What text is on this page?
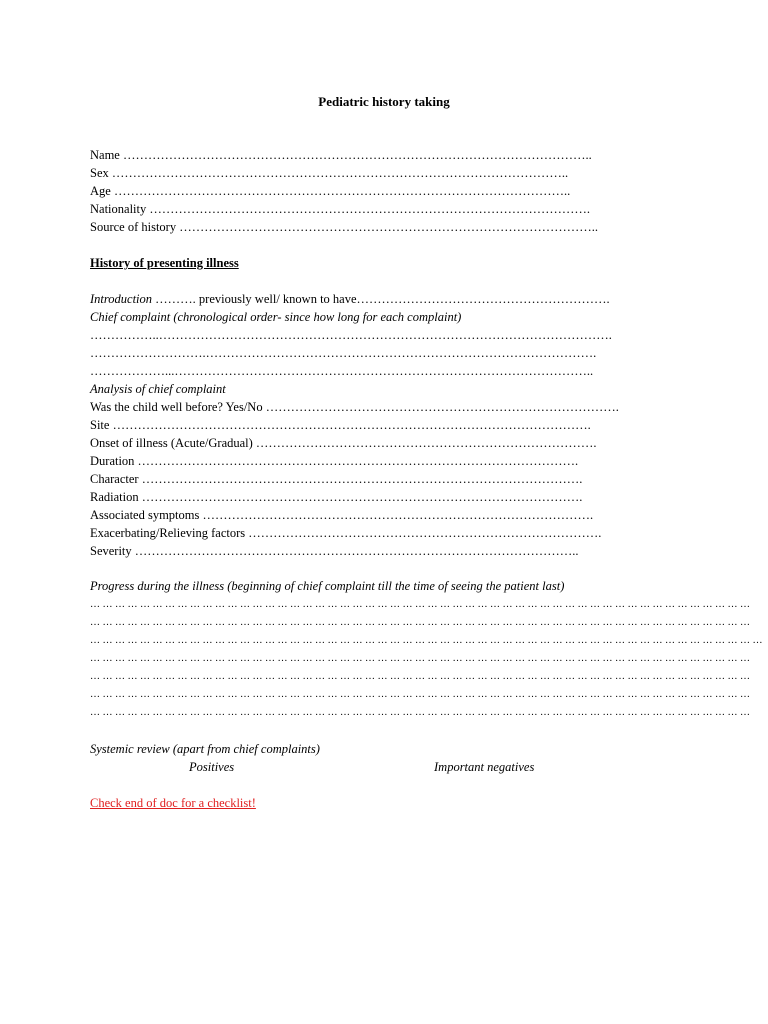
Pediatric history taking
Name …………………………………………………………………………………………………..
Sex ………………………………………………………………………………………………..
Age ………………………………………………………………………………………………..
Nationality …………………………………………………………………………………………….
Source of history ………………………………………………………………………………………..
History of presenting illness
Introduction ………. previously well/ known to have…………………………………………………….
Chief complaint (chronological order- since how long for each complaint)
……………..……………………………………………………………………………………………….
……………………….………………………………………………………………………………….
………………...………………………………………………………………………………………..
Analysis of chief complaint
Was the child well before? Yes/No ………………………………………………………………………….
Site …………………………………………………………………………………………………….
Onset of illness (Acute/Gradual) ……………………………………………………………………….
Duration …………………………………………………………………………………………….
Character …………………………………………………………………………………………….
Radiation …………………………………………………………………………………………….
Associated symptoms ………………………………………………………………………………….
Exacerbating/Relieving factors ………………………………………………………………………….
Severity ……………………………………………………………………………………………..
Progress during the illness (beginning of chief complaint till the time of seeing the patient last)
… … … … … … … … … … … … … … … … … … … … … … … … … … … … … … … … … … … … … … … … … … … … … … … … … … … … …
… … … … … … … … … … … … … … … … … … … … … … … … … … … … … … … … … … … … … … … … … … … … … … … … … … … … …
… … … … … … … … … … … … … … … … … … … … … … … … … … … … … … … … … … … … … … … … … … … … … … … … … … … … … …
… … … … … … … … … … … … … … … … … … … … … … … … … … … … … … … … … … … … … … … … … … … … … … … … … … … … …
… … … … … … … … … … … … … … … … … … … … … … … … … … … … … … … … … … … … … … … … … … … … … … … … … … … … …
… … … … … … … … … … … … … … … … … … … … … … … … … … … … … … … … … … … … … … … … … … … … … … … … … … … … …
… … … … … … … … … … … … … … … … … … … … … … … … … … … … … … … … … … … … … … … … … … … … … … … … … … … … …
Systemic review (apart from chief complaints)
Positives	Important negatives
Check end of doc for a checklist!
